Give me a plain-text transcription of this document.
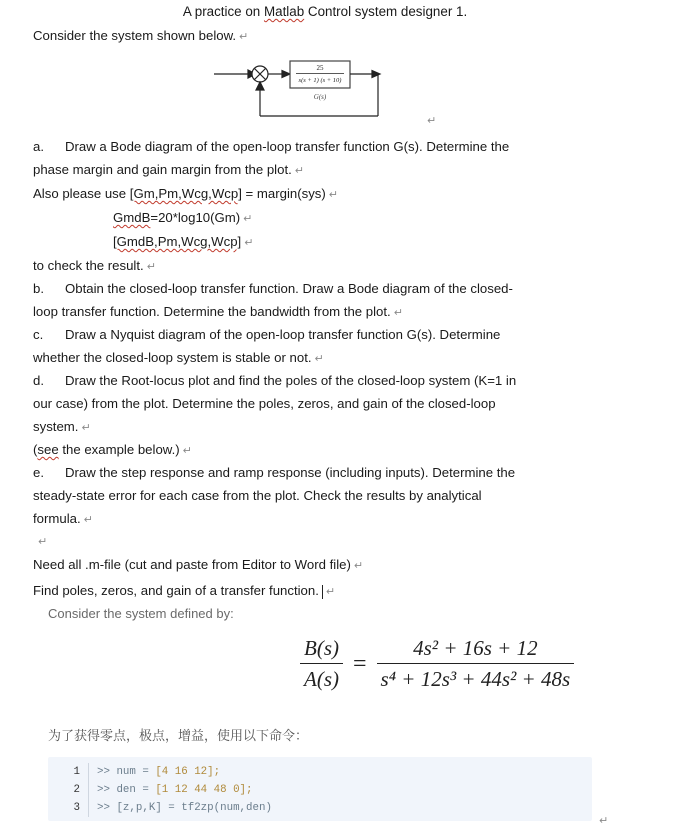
A practice on Matlab Control system designer 1.
Consider the system shown below. ↵
25
s(s + 1) (s + 10)
G(s)
↵
a. Draw a Bode diagram of the open-loop transfer function G(s). Determine the
phase margin and gain margin from the plot. ↵
Also please use [Gm,Pm,Wcg,Wcp] = margin(sys) ↵
GmdB=20*log10(Gm) ↵
[GmdB,Pm,Wcg,Wcp] ↵
to check the result. ↵
b. Obtain the closed-loop transfer function. Draw a Bode diagram of the closed-
loop transfer function. Determine the bandwidth from the plot. ↵
c. Draw a Nyquist diagram of the open-loop transfer function G(s). Determine
whether the closed-loop system is stable or not. ↵
d. Draw the Root-locus plot and find the poles of the closed-loop system (K=1 in
our case) from the plot. Determine the poles, zeros, and gain of the closed-loop
system. ↵
(see the example below.) ↵
e. Draw the step response and ramp response (including inputs). Determine the
steady-state error for each case from the plot. Check the results by analytical
formula. ↵
↵
Need all .m-file (cut and paste from Editor to Word file) ↵
Find poles, zeros, and gain of a transfer function. ↵
Consider the system defined by:
$\frac{B(s)}{A(s)} = \frac{\text{4s² + 16s + 12}}{\text{s⁴ + 12s³ + 44s² + 48s}}$
为了获得零点，极点，增益，使用以下命令：
1 >> num = [4 16 12];
2 >> den = [1 12 44 48 0];
3 >> [z,p,K] = tf2zp(num,den)
↵
